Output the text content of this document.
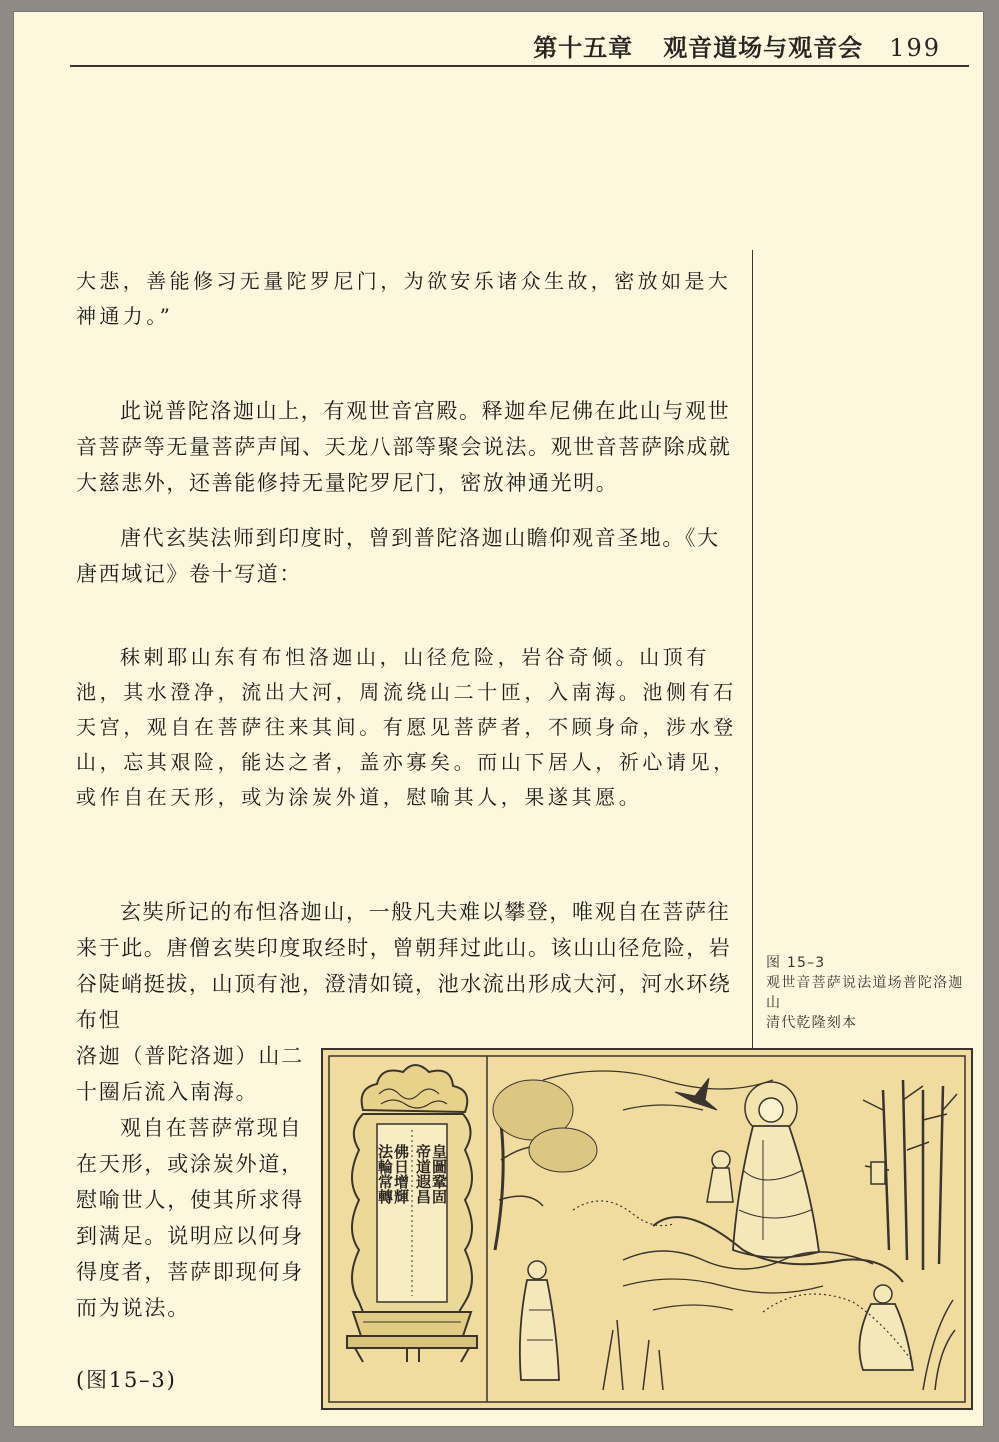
第十五章 观音道场与观音会 199
大悲，善能修习无量陀罗尼门，为欲安乐诸众生故，密放如是大
神通力。”
此说普陀洛迦山上，有观世音宫殿。释迦牟尼佛在此山与观世音菩萨等无量菩萨声闻、天龙八部等聚会说法。观世音菩萨除成就大慈悲外，还善能修持无量陀罗尼门，密放神通光明。
唐代玄奘法师到印度时，曾到普陀洛迦山瞻仰观音圣地。《大唐西域记》卷十写道：
秣剌耶山东有布怛洛迦山，山径危险，岩谷奇倾。山顶有池，其水澄净，流出大河，周流绕山二十匝，入南海。池侧有石天宫，观自在菩萨往来其间。有愿见菩萨者，不顾身命，涉水登山，忘其艰险，能达之者，盖亦寡矣。而山下居人，祈心请见，或作自在天形，或为涂炭外道，慰喻其人，果遂其愿。
玄奘所记的布怛洛迦山，一般凡夫难以攀登，唯观自在菩萨往来于此。唐僧玄奘印度取经时，曾朝拜过此山。该山山径危险，岩谷陡峭挺拔，山顶有池，澄清如镜，池水流出形成大河，河水环绕布怛
洛迦（普陀洛迦）山二十圈后流入南海。
观自在菩萨常现自在天形，或涂炭外道，慰喻世人，使其所求得到满足。说明应以何身得度者，菩萨即现何身而为说法。
(图15–3)
图 15–3
观世音菩萨说法道场普陀洛迦山
清代乾隆刻本
皇圖鞏固
帝道遐昌
佛日增輝
法輪常轉
